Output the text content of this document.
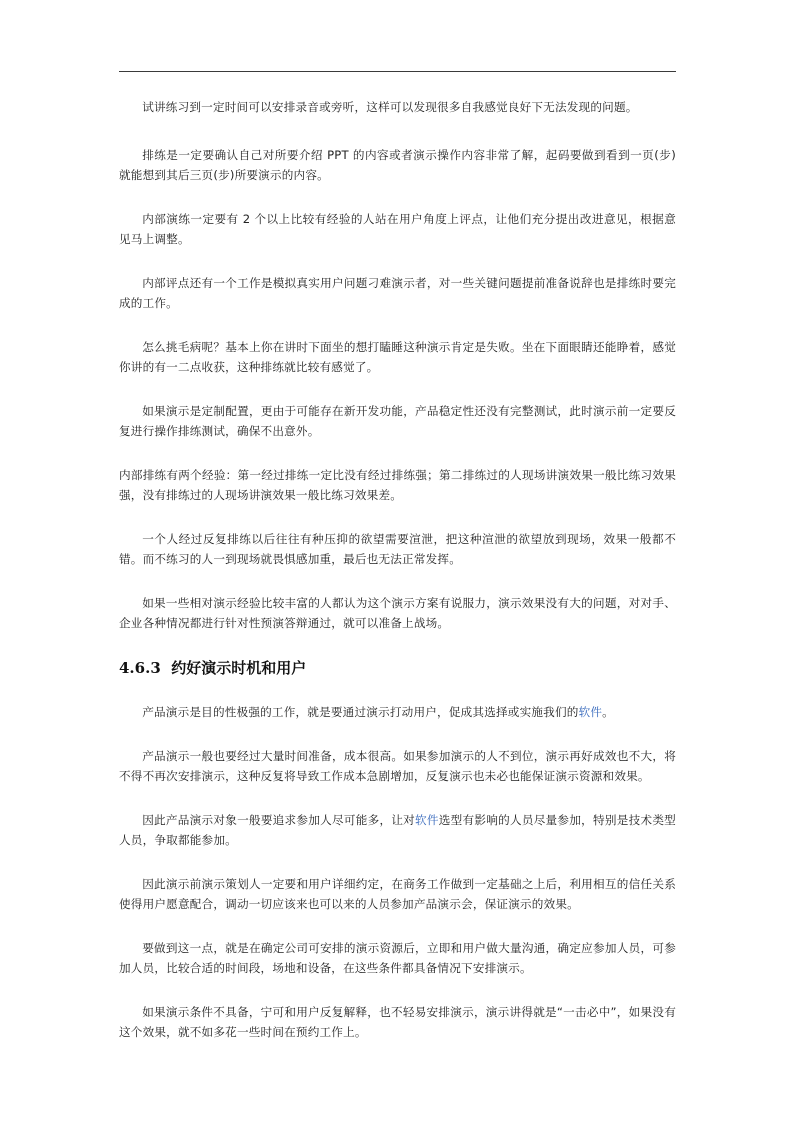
试讲练习到一定时间可以安排录音或旁听，这样可以发现很多自我感觉良好下无法发现的问题。

排练是一定要确认自己对所要介绍 PPT 的内容或者演示操作内容非常了解，起码要做到看到一页(步)就能想到其后三页(步)所要演示的内容。

内部演练一定要有 2 个以上比较有经验的人站在用户角度上评点，让他们充分提出改进意见，根据意见马上调整。

内部评点还有一个工作是模拟真实用户问题刁难演示者，对一些关键问题提前准备说辞也是排练时要完成的工作。

怎么挑毛病呢？基本上你在讲时下面坐的想打瞌睡这种演示肯定是失败。坐在下面眼睛还能睁着，感觉你讲的有一二点收获，这种排练就比较有感觉了。

如果演示是定制配置，更由于可能存在新开发功能，产品稳定性还没有完整测试，此时演示前一定要反复进行操作排练测试，确保不出意外。

内部排练有两个经验：第一经过排练一定比没有经过排练强；第二排练过的人现场讲演效果一般比练习效果强，没有排练过的人现场讲演效果一般比练习效果差。

一个人经过反复排练以后往往有种压抑的欲望需要渲泄，把这种渲泄的欲望放到现场，效果一般都不错。而不练习的人一到现场就畏惧感加重，最后也无法正常发挥。

如果一些相对演示经验比较丰富的人都认为这个演示方案有说服力，演示效果没有大的问题，对对手、企业各种情况都进行针对性预演答辩通过，就可以准备上战场。

4.6.3 约好演示时机和用户

产品演示是目的性极强的工作，就是要通过演示打动用户，促成其选择或实施我们的软件。

产品演示一般也要经过大量时间准备，成本很高。如果参加演示的人不到位，演示再好成效也不大，将不得不再次安排演示，这种反复将导致工作成本急剧增加，反复演示也未必也能保证演示资源和效果。

因此产品演示对象一般要追求参加人尽可能多，让对软件选型有影响的人员尽量参加，特别是技术类型人员，争取都能参加。

因此演示前演示策划人一定要和用户详细约定，在商务工作做到一定基础之上后，利用相互的信任关系使得用户愿意配合，调动一切应该来也可以来的人员参加产品演示会，保证演示的效果。

要做到这一点，就是在确定公司可安排的演示资源后，立即和用户做大量沟通，确定应参加人员，可参加人员，比较合适的时间段，场地和设备，在这些条件都具备情况下安排演示。

如果演示条件不具备，宁可和用户反复解释，也不轻易安排演示，演示讲得就是“一击必中”，如果没有这个效果，就不如多花一些时间在预约工作上。
